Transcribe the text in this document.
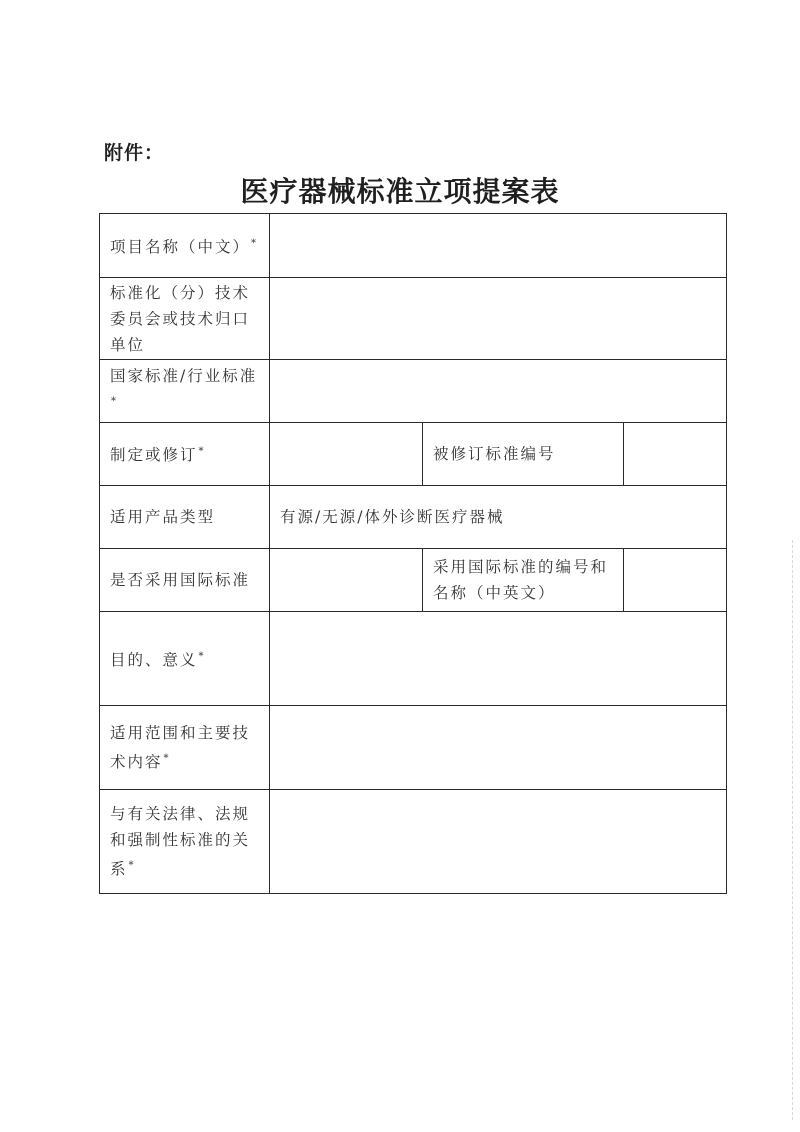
附件：
医疗器械标准立项提案表
项目名称（中文）*	
标准化（分）技术委员会或技术归口单位			
国家标准/行业标准*	
制定或修订*		被修订标准编号	
适用产品类型	有源/无源/体外诊断医疗器械		
是否采用国际标准		采用国际标准的编号和名称（中英文）	
目的、意义*	
适用范围和主要技术内容*	
与有关法律、法规和强制性标准的关系*	
